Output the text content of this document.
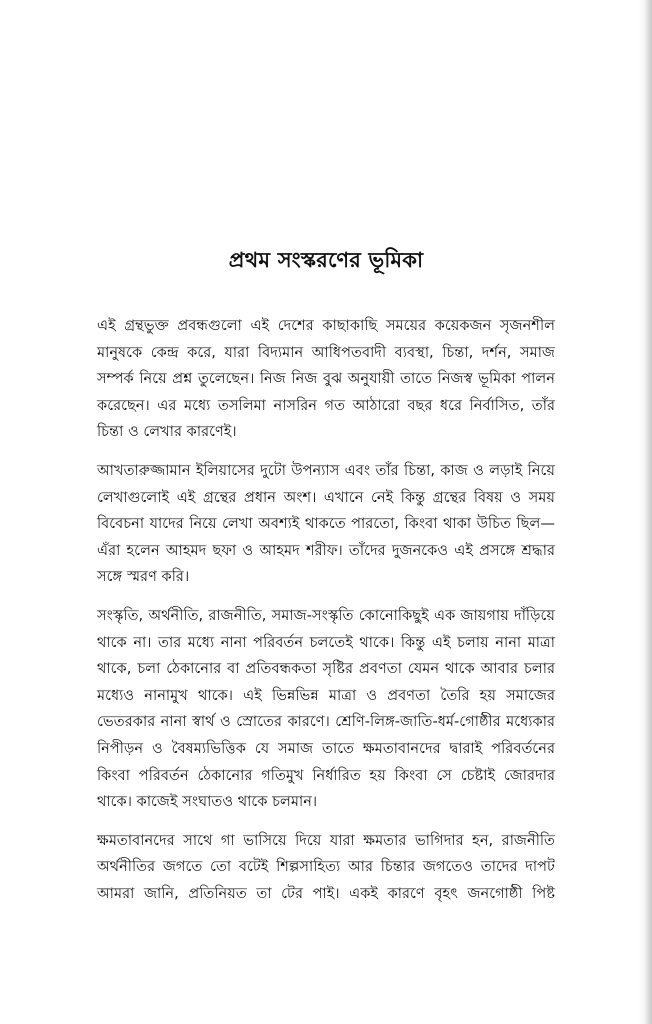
প্রথম সংস্করণের ভূমিকা

এই গ্রন্থভুক্ত প্রবন্ধগুলো এই দেশের কাছাকাছি সময়ের কয়েকজন সৃজনশীল মানুষকে কেন্দ্র করে, যারা বিদ্যমান আধিপতবাদী ব্যবস্থা, চিন্তা, দর্শন, সমাজ সম্পর্ক নিয়ে প্রশ্ন তুলেছেন। নিজ নিজ বুঝ অনুযায়ী তাতে নিজস্ব ভূমিকা পালন করেছেন। এর মধ্যে তসলিমা নাসরিন গত আঠারো বছর ধরে নির্বাসিত, তাঁর চিন্তা ও লেখার কারণেই।

আখতারুজ্জামান ইলিয়াসের দুটো উপন্যাস এবং তাঁর চিন্তা, কাজ ও লড়াই নিয়ে লেখাগুলোই এই গ্রন্থের প্রধান অংশ। এখানে নেই কিন্তু গ্রন্থের বিষয় ও সময় বিবেচনা যাদের নিয়ে লেখা অবশ্যই থাকতে পারতো, কিংবা থাকা উচিত ছিল—এঁরা হলেন আহমদ ছফা ও আহমদ শরীফ। তাঁদের দুজনকেও এই প্রসঙ্গে শ্রদ্ধার সঙ্গে স্মরণ করি।

সংস্কৃতি, অর্থনীতি, রাজনীতি, সমাজ-সংস্কৃতি কোনোকিছুই এক জায়গায় দাঁড়িয়ে থাকে না। তার মধ্যে নানা পরিবর্তন চলতেই থাকে। কিন্তু এই চলায় নানা মাত্রা থাকে, চলা ঠেকানোর বা প্রতিবন্ধকতা সৃষ্টির প্রবণতা যেমন থাকে আবার চলার মধ্যেও নানামুখ থাকে। এই ভিন্নভিন্ন মাত্রা ও প্রবণতা তৈরি হয় সমাজের ভেতরকার নানা স্বার্থ ও স্রোতের কারণে। শ্রেণি-লিঙ্গ-জাতি-ধর্ম-গোষ্ঠীর মধ্যেকার নিপীড়ন ও বৈষম্যভিত্তিক যে সমাজ তাতে ক্ষমতাবানদের দ্বারাই পরিবর্তনের কিংবা পরিবর্তন ঠেকানোর গতিমুখ নির্ধারিত হয় কিংবা সে চেষ্টাই জোরদার থাকে। কাজেই সংঘাতও থাকে চলমান।

ক্ষমতাবানদের সাথে গা ভাসিয়ে দিয়ে যারা ক্ষমতার ভাগিদার হন, রাজনীতি অর্থনীতির জগতে তো বটেই শিল্পসাহিত্য আর চিন্তার জগতেও তাদের দাপট আমরা জানি, প্রতিনিয়ত তা টের পাই। একই কারণে বৃহৎ জনগোষ্ঠী পিষ্ট
